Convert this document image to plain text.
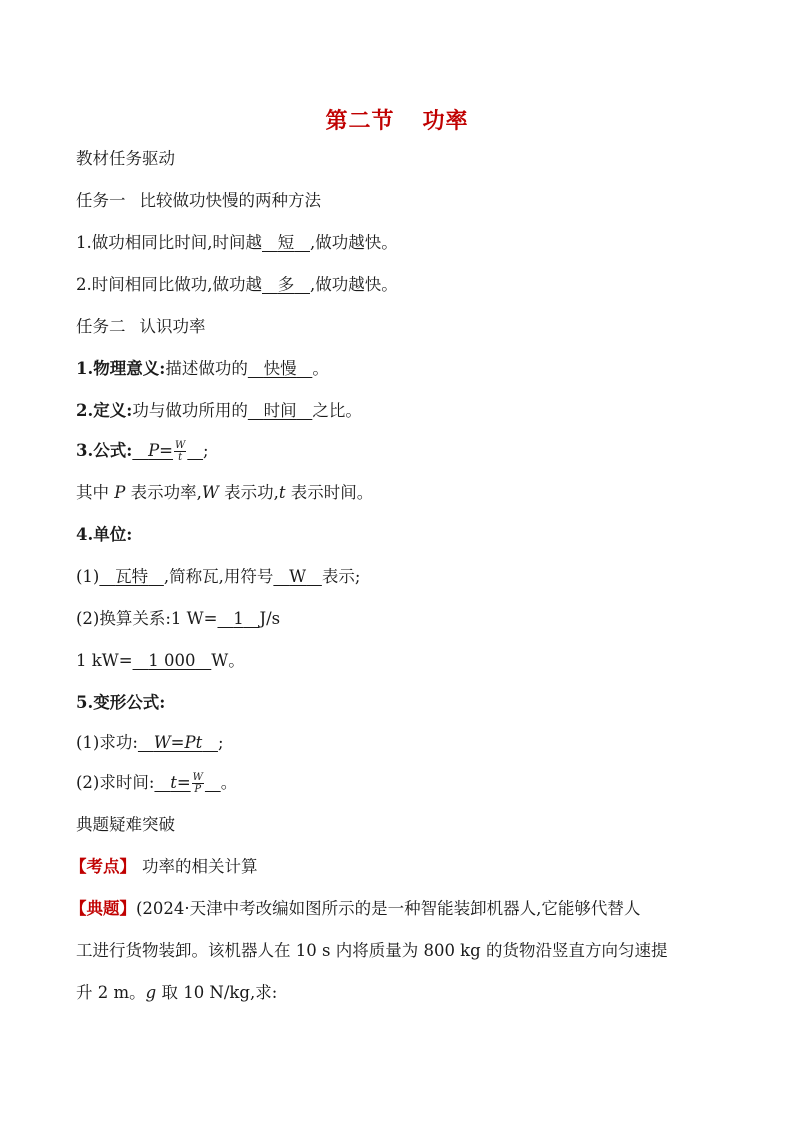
第二节 功率
教材任务驱动
任务一 比较做功快慢的两种方法
1.做功相同比时间,时间越 短 ,做功越快。
2.时间相同比做功,做功越 多 ,做功越快。
任务二 认识功率
1.物理意义:描述做功的 快慢 。
2.定义:功与做功所用的 时间 之比。
3.公式: $P= \frac{W}{t}$ ;
其中 P 表示功率,W 表示功,t 表示时间。
4.单位:
(1) 瓦特 ,简称瓦,用符号 W 表示;
(2)换算关系:1 W= 1 J/s
1 kW= 1 000 W。
5.变形公式:
(1)求功: W=Pt ;
(2)求时间: $t= \frac{W}{P}$ 。
典题疑难突破
【考点】 功率的相关计算
【典题】(2024·天津中考改编如图所示的是一种智能装卸机器人,它能够代替人
工进行货物装卸。该机器人在 10 s 内将质量为 800 kg 的货物沿竖直方向匀速提
升 2 m。g 取 10 N/kg,求:
